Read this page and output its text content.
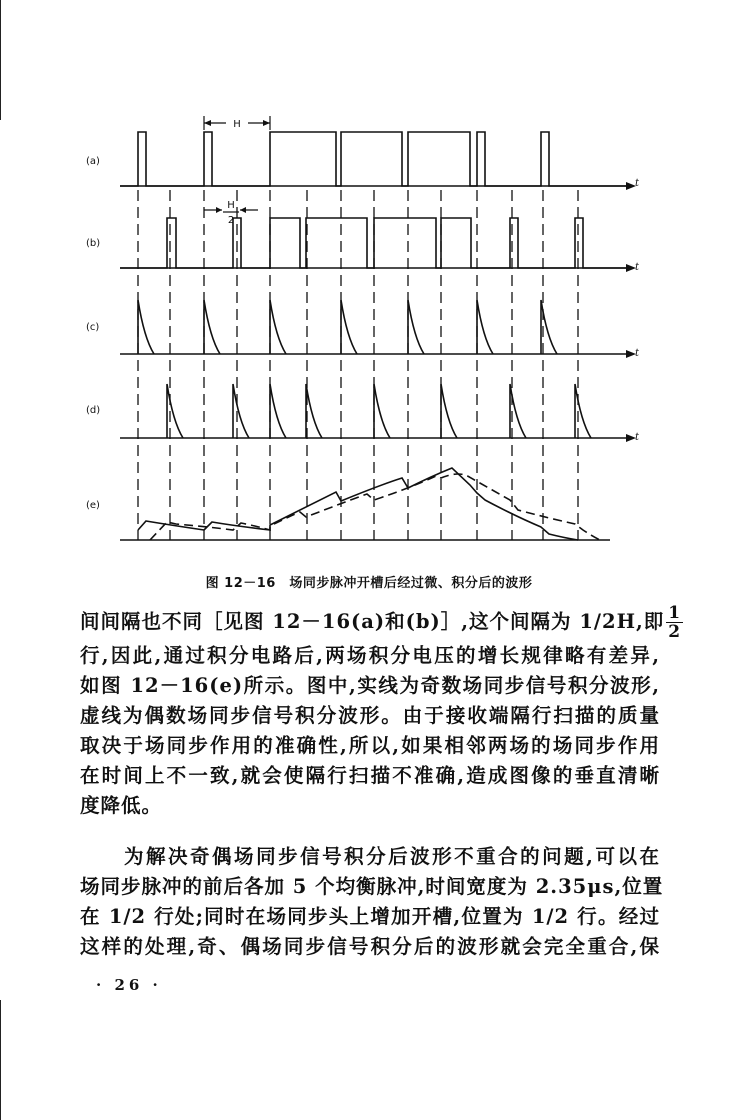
(a)
(b)
(c)
(d)
(e)
t
t
t
t
H
H
2
图 12－16　场同步脉冲开槽后经过微、积分后的波形
间间隔也不同［见图 12－16(a)和(b)］,这个间隔为 1/2H,即 $\frac{1}{2}$
行,因此,通过积分电路后,两场积分电压的增长规律略有差异,
如图 12－16(e)所示。图中,实线为奇数场同步信号积分波形,
虚线为偶数场同步信号积分波形。由于接收端隔行扫描的质量
取决于场同步作用的准确性,所以,如果相邻两场的场同步作用
在时间上不一致,就会使隔行扫描不准确,造成图像的垂直清晰
度降低。
　　为解决奇偶场同步信号积分后波形不重合的问题,可以在
场同步脉冲的前后各加 5 个均衡脉冲,时间宽度为 2.35μs,位置
在 1/2 行处;同时在场同步头上增加开槽,位置为 1/2 行。经过
这样的处理,奇、偶场同步信号积分后的波形就会完全重合,保
· 26 ·
